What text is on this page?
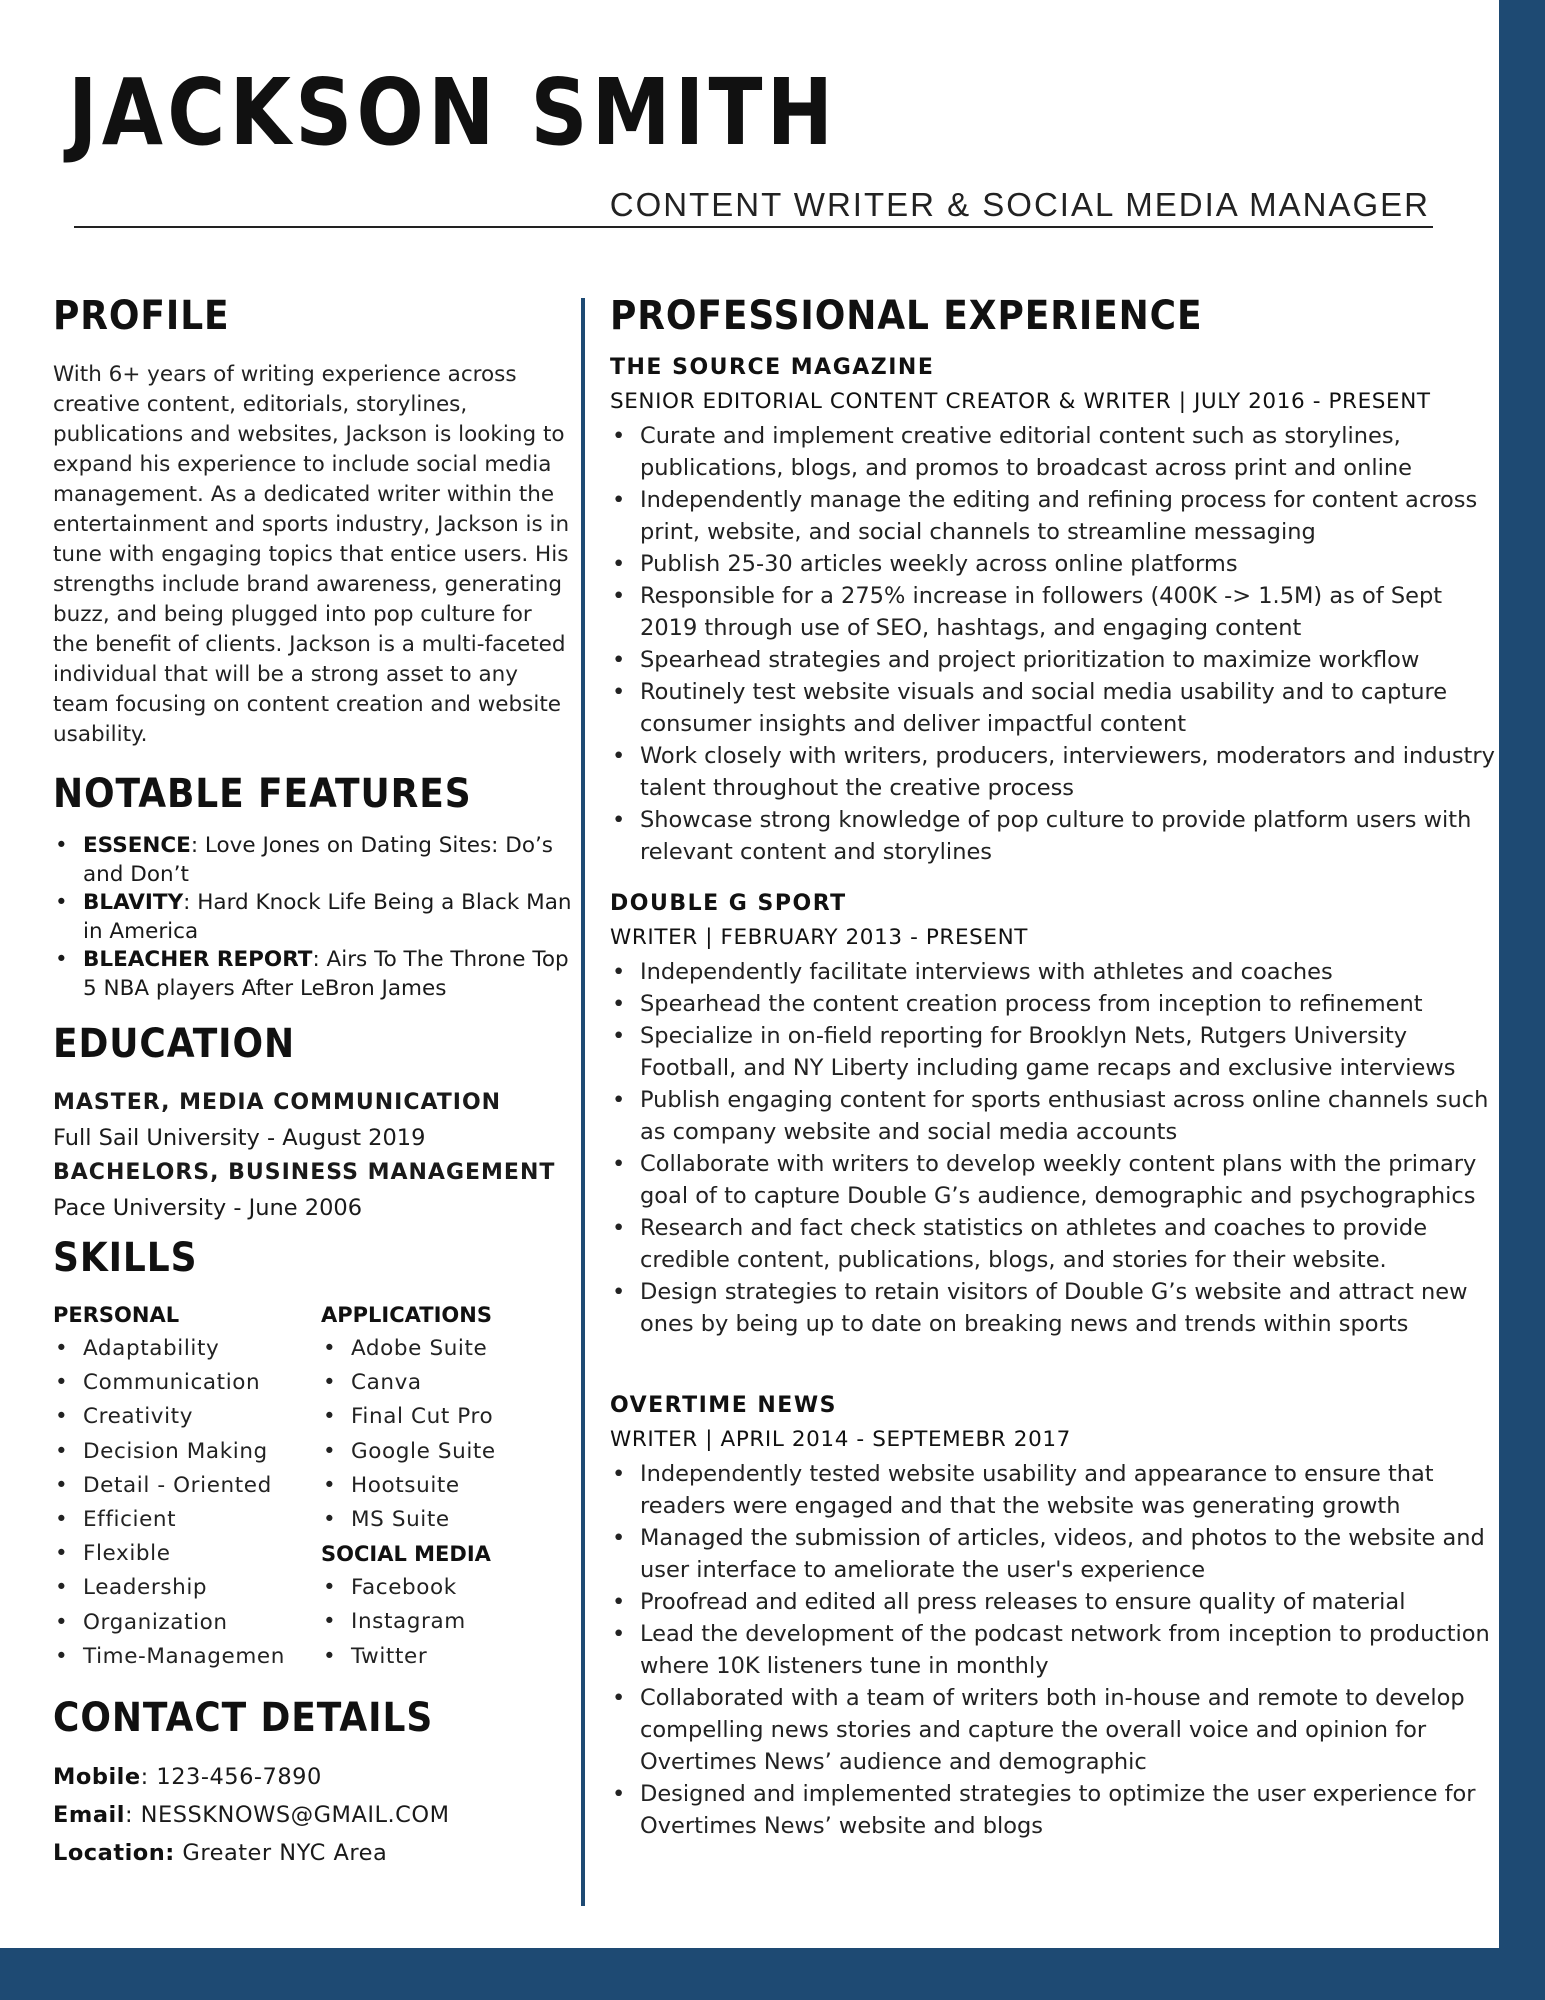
JACKSON SMITH
CONTENT WRITER & SOCIAL MEDIA MANAGER
PROFILE
With 6+ years of writing experience across creative content, editorials, storylines, publications and websites, Jackson is looking to expand his experience to include social media management. As a dedicated writer within the entertainment and sports industry, Jackson is in tune with engaging topics that entice users. His strengths include brand awareness, generating buzz, and being plugged into pop culture for the benefit of clients. Jackson is a multi-faceted individual that will be a strong asset to any team focusing on content creation and website usability.
NOTABLE FEATURES
• ESSENCE: Love Jones on Dating Sites: Do’s and Don’t
• BLAVITY: Hard Knock Life Being a Black Man in America
• BLEACHER REPORT: Airs To The Throne Top 5 NBA players After LeBron James
EDUCATION
MASTER, MEDIA COMMUNICATION
Full Sail University - August 2019
BACHELORS, BUSINESS MANAGEMENT
Pace University - June 2006
SKILLS
PERSONAL
• Adaptability
• Communication
• Creativity
• Decision Making
• Detail - Oriented
• Efficient
• Flexible
• Leadership
• Organization
• Time-Managemen
APPLICATIONS
• Adobe Suite
• Canva
• Final Cut Pro
• Google Suite
• Hootsuite
• MS Suite
SOCIAL MEDIA
• Facebook
• Instagram
• Twitter
CONTACT DETAILS
Mobile: 123-456-7890
Email: NESSKNOWS@GMAIL.COM
Location: Greater NYC Area
PROFESSIONAL EXPERIENCE
THE SOURCE MAGAZINE
SENIOR EDITORIAL CONTENT CREATOR & WRITER | JULY 2016 - PRESENT
• Curate and implement creative editorial content such as storylines, publications, blogs, and promos to broadcast across print and online
• Independently manage the editing and refining process for content across print, website, and social channels to streamline messaging
• Publish 25-30 articles weekly across online platforms
• Responsible for a 275% increase in followers (400K -> 1.5M) as of Sept 2019 through use of SEO, hashtags, and engaging content
• Spearhead strategies and project prioritization to maximize workflow
• Routinely test website visuals and social media usability and to capture consumer insights and deliver impactful content
• Work closely with writers, producers, interviewers, moderators and industry talent throughout the creative process
• Showcase strong knowledge of pop culture to provide platform users with relevant content and storylines
DOUBLE G SPORT
WRITER | FEBRUARY 2013 - PRESENT
• Independently facilitate interviews with athletes and coaches
• Spearhead the content creation process from inception to refinement
• Specialize in on-field reporting for Brooklyn Nets, Rutgers University Football, and NY Liberty including game recaps and exclusive interviews
• Publish engaging content for sports enthusiast across online channels such as company website and social media accounts
• Collaborate with writers to develop weekly content plans with the primary goal of to capture Double G’s audience, demographic and psychographics
• Research and fact check statistics on athletes and coaches to provide credible content, publications, blogs, and stories for their website.
• Design strategies to retain visitors of Double G’s website and attract new ones by being up to date on breaking news and trends within sports
OVERTIME NEWS
WRITER | APRIL 2014 - SEPTEMEBR 2017
• Independently tested website usability and appearance to ensure that readers were engaged and that the website was generating growth
• Managed the submission of articles, videos, and photos to the website and user interface to ameliorate the user's experience
• Proofread and edited all press releases to ensure quality of material
• Lead the development of the podcast network from inception to production where 10K listeners tune in monthly
• Collaborated with a team of writers both in-house and remote to develop compelling news stories and capture the overall voice and opinion for Overtimes News’ audience and demographic
• Designed and implemented strategies to optimize the user experience for Overtimes News’ website and blogs
